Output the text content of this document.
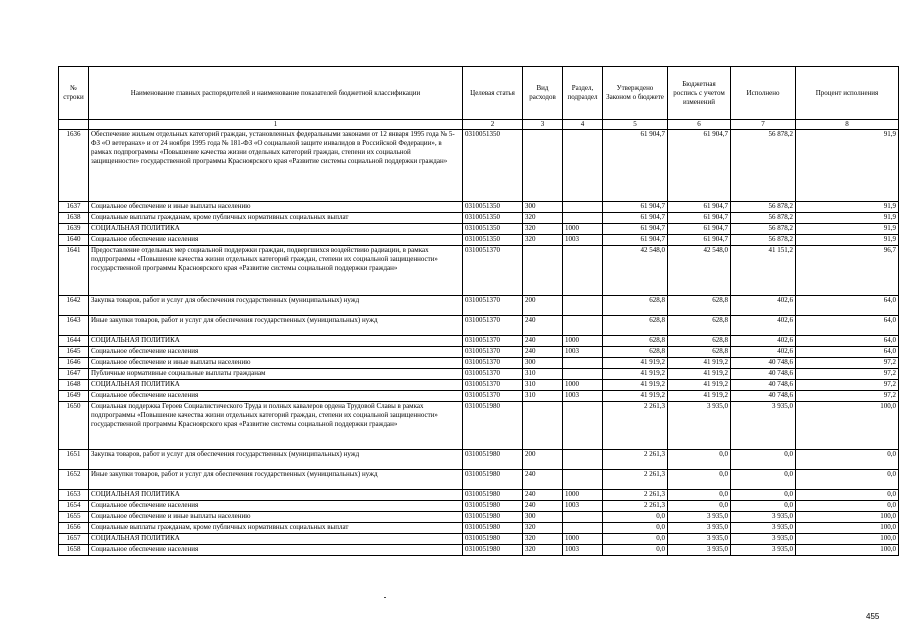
№ строки	Наименование главных распорядителей и наименование показателей бюджетной классификации	Целевая статья	Вид расходов	Раздел, подраздел	Утверждено Законом о бюджете	Бюджетная роспись с учетом изменений	Исполнено	Процент исполнения
	1	2	3	4	5	6	7	8
1636	Обеспечение жильем отдельных категорий граждан, установленных федеральными законами от 12 января 1995 года № 5-ФЗ «О ветеранах» и от 24 ноября 1995 года № 181-ФЗ «О социальной защите инвалидов в Российской Федерации», в рамках подпрограммы «Повышение качества жизни отдельных категорий граждан, степени их социальной защищенности» государственной программы Красноярского края «Развитие системы социальной поддержки граждан»	0310051350			61 904,7	61 904,7	56 878,2	91,9
1637	Социальное обеспечение и иные выплаты населению	0310051350	300		61 904,7	61 904,7	56 878,2	91,9
1638	Социальные выплаты гражданам, кроме публичных нормативных социальных выплат	0310051350	320		61 904,7	61 904,7	56 878,2	91,9
1639	СОЦИАЛЬНАЯ ПОЛИТИКА	0310051350	320	1000	61 904,7	61 904,7	56 878,2	91,9
1640	Социальное обеспечение населения	0310051350	320	1003	61 904,7	61 904,7	56 878,2	91,9
1641	Предоставление отдельных мер социальной поддержки граждан, подвергшихся воздействию радиации, в рамках подпрограммы «Повышение качества жизни отдельных категорий граждан, степени их социальной защищенности» государственной программы Красноярского края «Развитие системы социальной поддержки граждан»	0310051370			42 548,0	42 548,0	41 151,2	96,7
1642	Закупка товаров, работ и услуг для обеспечения государственных (муниципальных) нужд	0310051370	200		628,8	628,8	402,6	64,0
1643	Иные закупки товаров, работ и услуг для обеспечения государственных (муниципальных) нужд	0310051370	240		628,8	628,8	402,6	64,0
1644	СОЦИАЛЬНАЯ ПОЛИТИКА	0310051370	240	1000	628,8	628,8	402,6	64,0
1645	Социальное обеспечение населения	0310051370	240	1003	628,8	628,8	402,6	64,0
1646	Социальное обеспечение и иные выплаты населению	0310051370	300		41 919,2	41 919,2	40 748,6	97,2
1647	Публичные нормативные социальные выплаты гражданам	0310051370	310		41 919,2	41 919,2	40 748,6	97,2
1648	СОЦИАЛЬНАЯ ПОЛИТИКА	0310051370	310	1000	41 919,2	41 919,2	40 748,6	97,2
1649	Социальное обеспечение населения	0310051370	310	1003	41 919,2	41 919,2	40 748,6	97,2
1650	Социальная поддержка Героев Социалистического Труда и полных кавалеров ордена Трудовой Славы в рамках подпрограммы «Повышение качества жизни отдельных категорий граждан, степени их социальной защищенности» государственной программы Красноярского края «Развитие системы социальной поддержки граждан»	0310051980			2 261,3	3 935,0	3 935,0	100,0
1651	Закупка товаров, работ и услуг для обеспечения государственных (муниципальных) нужд	0310051980	200		2 261,3	0,0	0,0	0,0
1652	Иные закупки товаров, работ и услуг для обеспечения государственных (муниципальных) нужд	0310051980	240		2 261,3	0,0	0,0	0,0
1653	СОЦИАЛЬНАЯ ПОЛИТИКА	0310051980	240	1000	2 261,3	0,0	0,0	0,0
1654	Социальное обеспечение населения	0310051980	240	1003	2 261,3	0,0	0,0	0,0
1655	Социальное обеспечение и иные выплаты населению	0310051980	300		0,0	3 935,0	3 935,0	100,0
1656	Социальные выплаты гражданам, кроме публичных нормативных социальных выплат	0310051980	320		0,0	3 935,0	3 935,0	100,0
1657	СОЦИАЛЬНАЯ ПОЛИТИКА	0310051980	320	1000	0,0	3 935,0	3 935,0	100,0
1658	Социальное обеспечение населения	0310051980	320	1003	0,0	3 935,0	3 935,0	100,0
455
